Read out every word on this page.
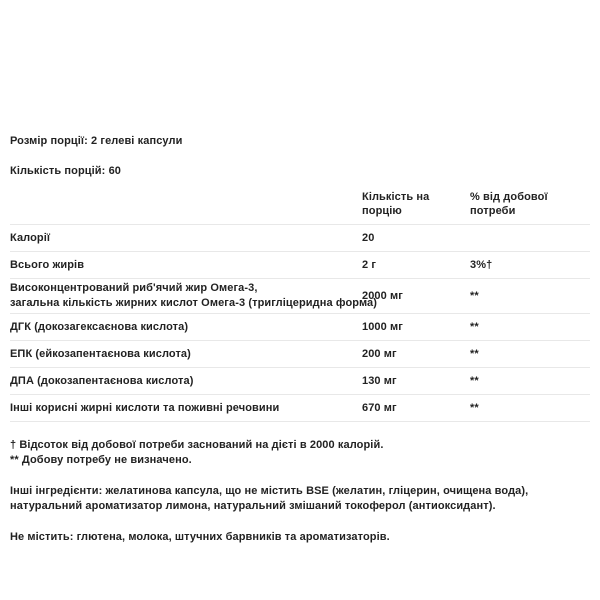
Розмір порції: 2 гелеві капсули

Кількість порцій: 60

	Кількість на порцію	% від добової потреби
Калорії	20	
Всього жирів	2 г	3%†

Високонцентрований риб'ячий жир Омега-3,
загальна кількість жирних кислот Омега-3 (тригліцеридна форма)	2000 мг	**
ДГК (докозагексаєнова кислота)	1000 мг	**
ЕПК (ейкозапентаєнова кислота)	200 мг	**
ДПА (докозапентаєнова кислота)	130 мг	**
Інші корисні жирні кислоти та поживні речовини	670 мг	**

† Відсоток від добової потреби заснований на дієті в 2000 калорій.

** Добову потребу не визначено.

Інші інгредієнти: желатинова капсула, що не містить BSE (желатин, гліцерин, очищена вода), натуральний ароматизатор лимона, натуральний змішаний токоферол (антиоксидант).

Не містить: глютена, молока, штучних барвників та ароматизаторів.
